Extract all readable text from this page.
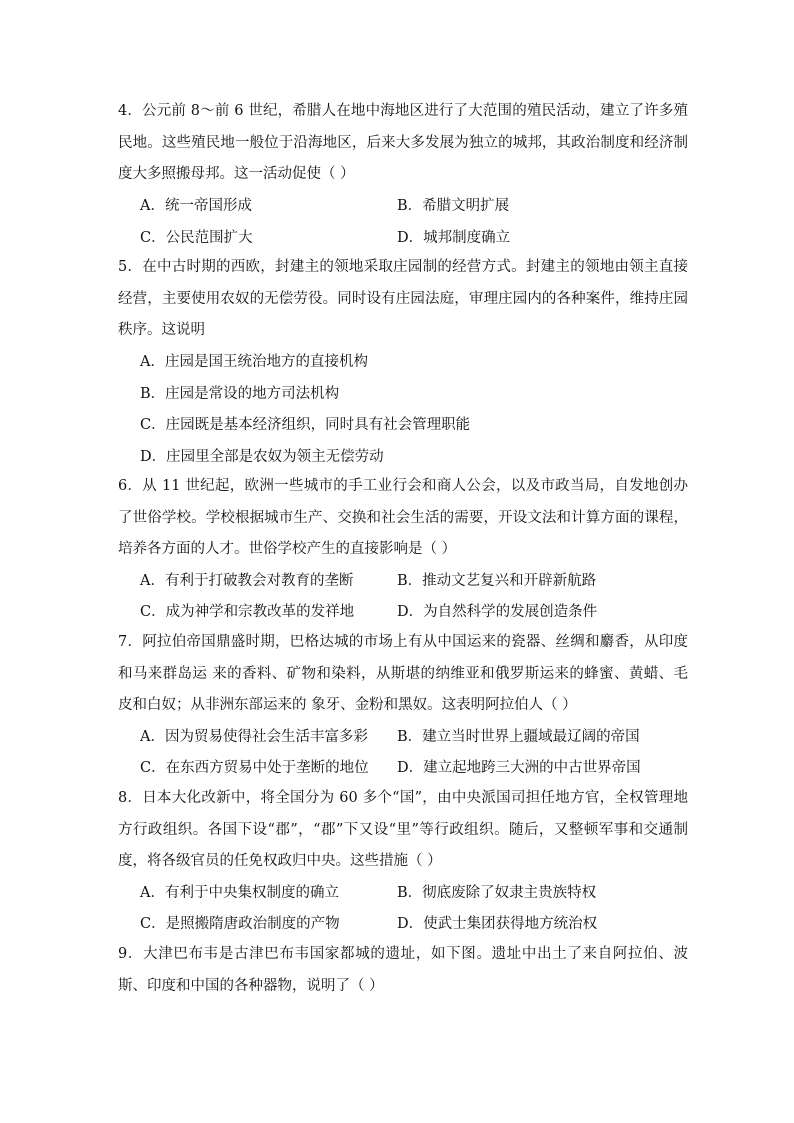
4．公元前 8～前 6 世纪，希腊人在地中海地区进行了大范围的殖民活动，建立了许多殖民地。这些殖民地一般位于沿海地区，后来大多发展为独立的城邦，其政治制度和经济制度大多照搬母邦。这一活动促使（ ）
A．统一帝国形成	B．希腊文明扩展
C．公民范围扩大	D．城邦制度确立
5．在中古时期的西欧，封建主的领地采取庄园制的经营方式。封建主的领地由领主直接经营，主要使用农奴的无偿劳役。同时设有庄园法庭，审理庄园内的各种案件，维持庄园秩序。这说明
A．庄园是国王统治地方的直接机构
B．庄园是常设的地方司法机构
C．庄园既是基本经济组织，同时具有社会管理职能
D．庄园里全部是农奴为领主无偿劳动
6．从 11 世纪起，欧洲一些城市的手工业行会和商人公会，以及市政当局，自发地创办了世俗学校。学校根据城市生产、交换和社会生活的需要，开设文法和计算方面的课程，培养各方面的人才。世俗学校产生的直接影响是（ ）
A．有利于打破教会对教育的垄断	B．推动文艺复兴和开辟新航路
C．成为神学和宗教改革的发祥地	D．为自然科学的发展创造条件
7．阿拉伯帝国鼎盛时期，巴格达城的市场上有从中国运来的瓷器、丝绸和麝香，从印度和马来群岛运 来的香料、矿物和染料，从斯堪的纳维亚和俄罗斯运来的蜂蜜、黄蜡、毛皮和白奴；从非洲东部运来的 象牙、金粉和黑奴。这表明阿拉伯人（ ）
A．因为贸易使得社会生活丰富多彩 B．建立当时世界上疆域最辽阔的帝国
C．在东西方贸易中处于垄断的地位 D．建立起地跨三大洲的中古世界帝国
8．日本大化改新中，将全国分为 60 多个“国”，由中央派国司担任地方官，全权管理地方行政组织。各国下设“郡”，“郡”下又设“里”等行政组织。随后，又整顿军事和交通制度，将各级官员的任免权政归中央。这些措施（ ）
A．有利于中央集权制度的确立	B．彻底废除了奴隶主贵族特权
C．是照搬隋唐政治制度的产物	D．使武士集团获得地方统治权
9．大津巴布韦是古津巴布韦国家都城的遗址，如下图。遗址中出土了来自阿拉伯、波斯、印度和中国的各种器物，说明了（ ）
